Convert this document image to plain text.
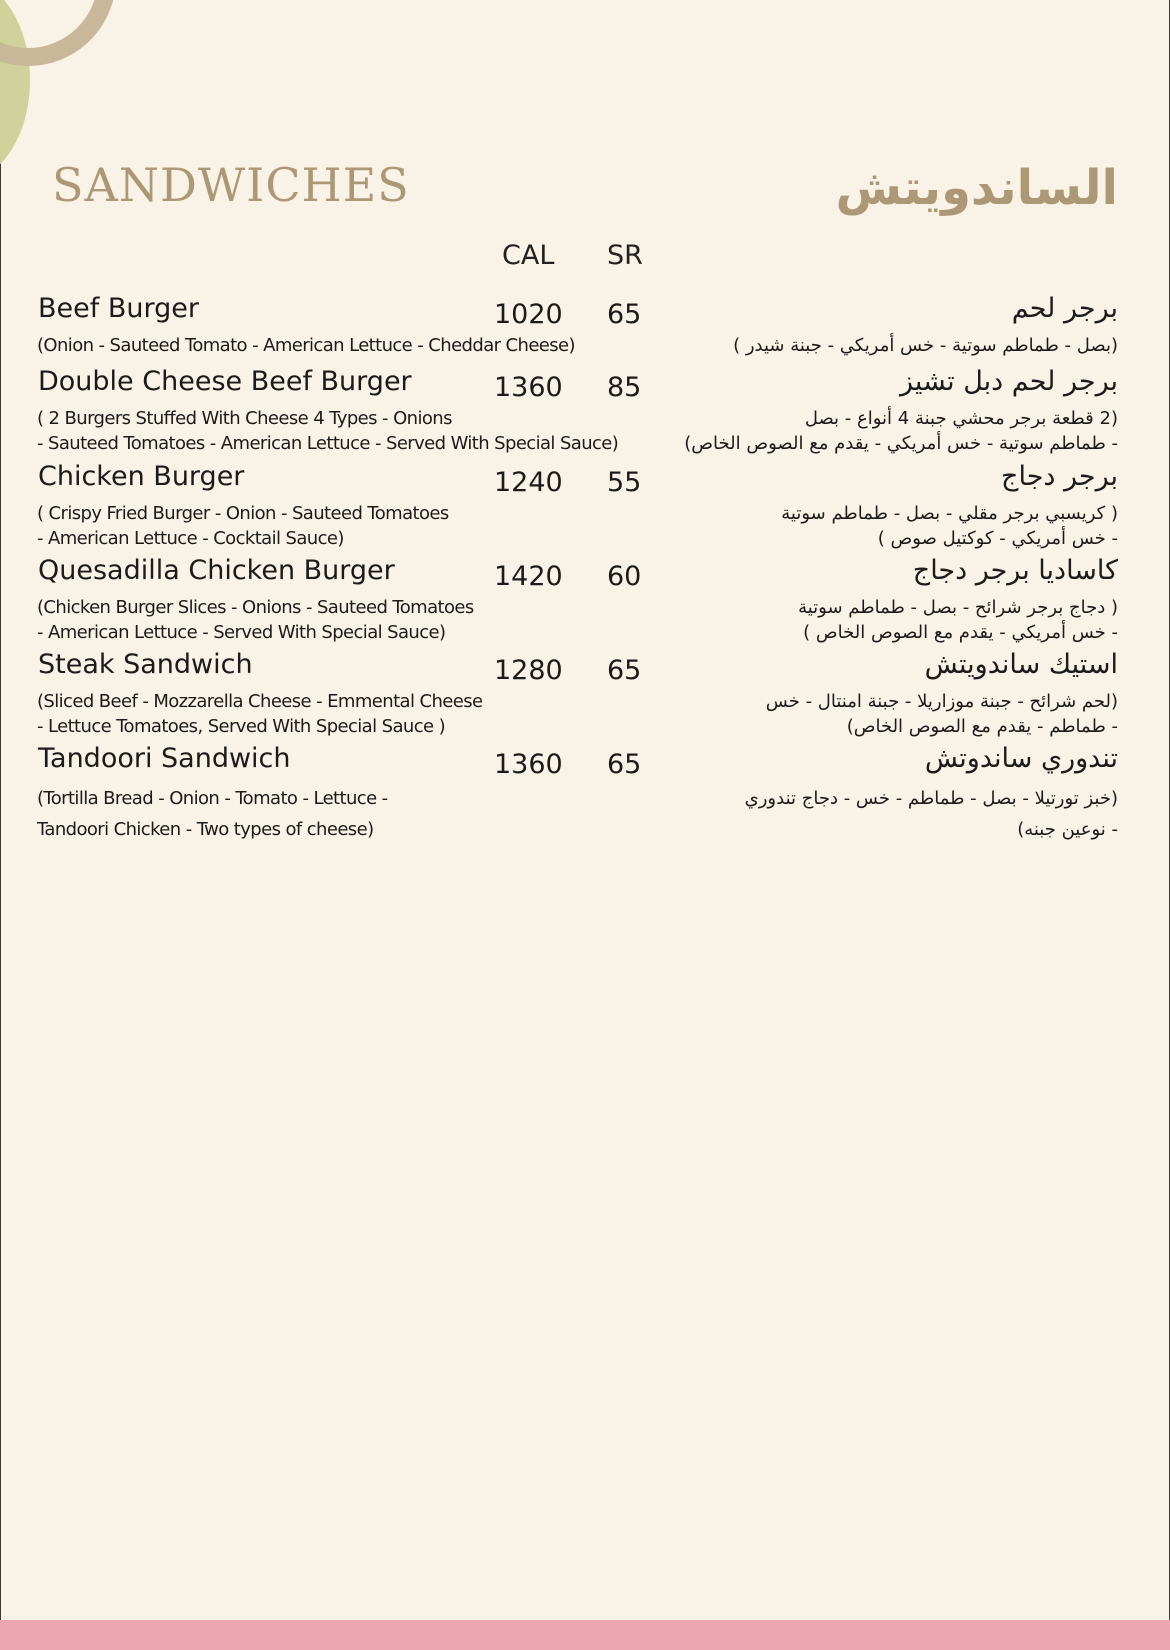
SANDWICHES	الساندويتش
CAL SR
Beef Burger	1020 65	برجر لحم
(Onion - Sauteed Tomato - American Lettuce - Cheddar Cheese)	(بصل - طماطم سوتية - خس أمريكي - جبنة شيدر )
Double Cheese Beef Burger	1360 85	برجر لحم دبل تشيز
( 2 Burgers Stuffed With Cheese 4 Types - Onions
- Sauteed Tomatoes - American Lettuce - Served With Special Sauce)
(2 قطعة برجر محشي جبنة 4 أنواع - بصل
- طماطم سوتية - خس أمريكي - يقدم مع الصوص الخاص)
Chicken Burger	1240 55	برجر دجاج
( Crispy Fried Burger - Onion - Sauteed Tomatoes
- American Lettuce - Cocktail Sauce)
( كريسبي برجر مقلي - بصل - طماطم سوتية
- خس أمريكي - كوكتيل صوص )
Quesadilla Chicken Burger	1420 60	كاساديا برجر دجاج
(Chicken Burger Slices - Onions - Sauteed Tomatoes
- American Lettuce - Served With Special Sauce)
( دجاج برجر شرائح - بصل - طماطم سوتية
- خس أمريكي - يقدم مع الصوص الخاص )
Steak Sandwich	1280 65	استيك ساندويتش
(Sliced Beef - Mozzarella Cheese - Emmental Cheese
- Lettuce Tomatoes, Served With Special Sauce )
(لحم شرائح - جبنة موزاريلا - جبنة امنتال - خس
- طماطم - يقدم مع الصوص الخاص)
Tandoori Sandwich	1360 65	تندوري ساندوتش
(Tortilla Bread - Onion - Tomato - Lettuce -
Tandoori Chicken - Two types of cheese)
(خبز تورتيلا - بصل - طماطم - خس - دجاج تندوري
- نوعين جبنه)
